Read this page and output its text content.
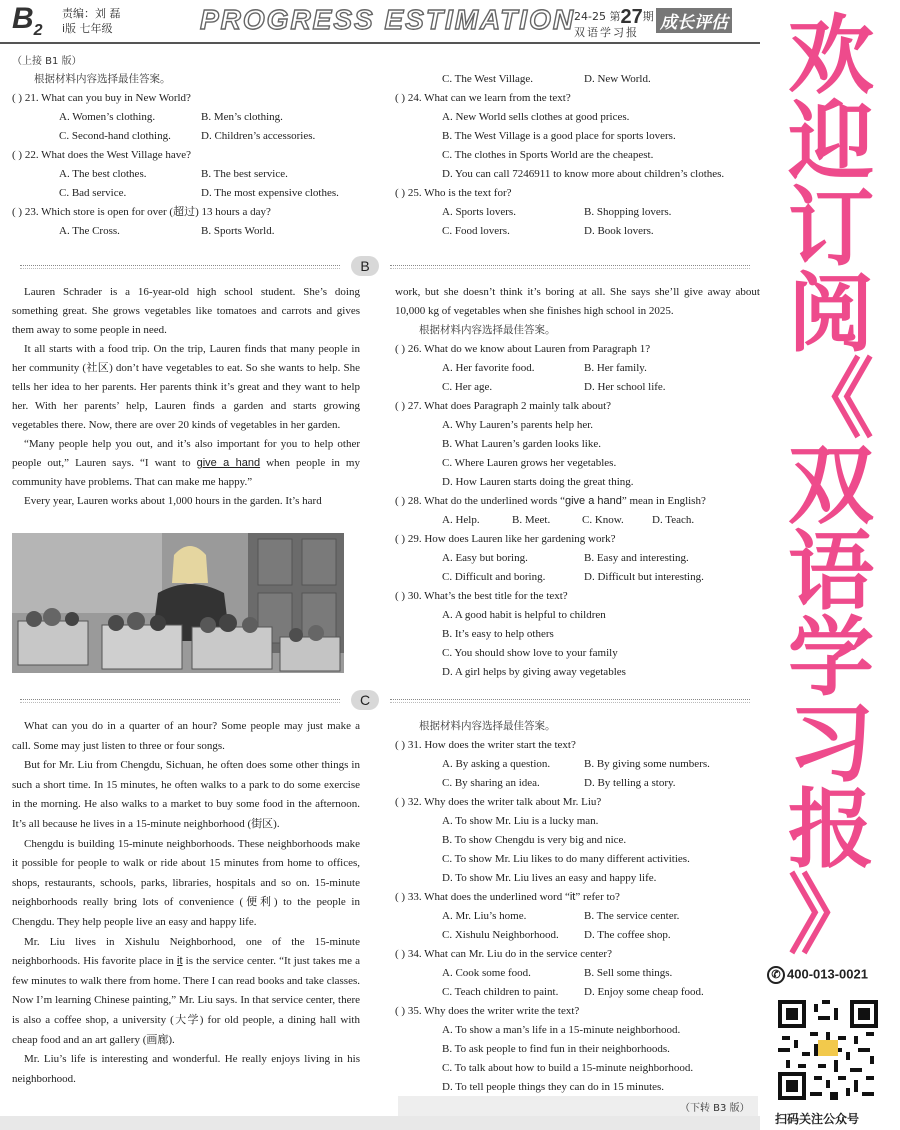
$B_2$
责编：刘 磊
i版 七年级	PROGRESS ESTIMATION
24-25 第27期
双语学习报 成长评估
（上接 B1 版）
根据材料内容选择最佳答案。
( ) 21. What can you buy in New World?
A. Women’s clothing.	B. Men’s clothing.
C. Second-hand clothing.	D. Children’s accessories.
( ) 22. What does the West Village have?
A. The best clothes.	B. The best service.
C. Bad service.	D. The most expensive clothes.
( ) 23. Which store is open for over (超过) 13 hours a day?
A. The Cross.	B. Sports World.
C. The West Village.	D. New World.
( ) 24. What can we learn from the text?
A. New World sells clothes at good prices.
B. The West Village is a good place for sports lovers.
C. The clothes in Sports World are the cheapest.
D. You can call 7246911 to know more about children’s clothes.
( ) 25. Who is the text for?
A. Sports lovers.	B. Shopping lovers.
C. Food lovers.	D. Book lovers.
B

Lauren Schrader is a 16-year-old high school student. She’s doing something great. She grows vegetables like tomatoes and carrots and gives them away to some people in need.

It all starts with a food trip. On the trip, Lauren finds that many people in her community (社区) don’t have vegetables to eat. So she wants to help. She tells her idea to her parents. Her parents think it’s great and they want to help her. With her parents’ help, Lauren finds a garden and starts growing vegetables there. Now, there are over 20 kinds of vegetables in her garden.

“Many people help you out, and it’s also important for you to help other people out,” Lauren says. “I want to give a hand when people in my community have problems. That can make me happy.”

Every year, Lauren works about 1,000 hours in the garden. It’s hard

work, but she doesn’t think it’s boring at all. She says she’ll give away about 10,000 kg of vegetables when she finishes high school in 2025.

根据材料内容选择最佳答案。
( ) 26. What do we know about Lauren from Paragraph 1?
A. Her favorite food.	B. Her family.
C. Her age.	D. Her school life.
( ) 27. What does Paragraph 2 mainly talk about?
A. Why Lauren’s parents help her.
B. What Lauren’s garden looks like.
C. Where Lauren grows her vegetables.
D. How Lauren starts doing the great thing.
( ) 28. What do the underlined words “give a hand” mean in English?
A. Help.	B. Meet.	C. Know.	D. Teach.
( ) 29. How does Lauren like her gardening work?
A. Easy but boring.	B. Easy and interesting.
C. Difficult and boring.	D. Difficult but interesting.
( ) 30. What’s the best title for the text?
A. A good habit is helpful to children
B. It’s easy to help others
C. You should show love to your family
D. A girl helps by giving away vegetables
C

What can you do in a quarter of an hour? Some people may just make a call. Some may just listen to three or four songs.

But for Mr. Liu from Chengdu, Sichuan, he often does some other things in such a short time. In 15 minutes, he often walks to a park to do some exercise in the morning. He also walks to a market to buy some food in the afternoon. It’s all because he lives in a 15-minute neighborhood (街区).

Chengdu is building 15-minute neighborhoods. These neighborhoods make it possible for people to walk or ride about 15 minutes from home to offices, shops, restaurants, schools, parks, libraries, hospitals and so on. 15-minute neighborhoods really bring lots of convenience (便利) to the people in Chengdu. They help people live an easy and happy life.

Mr. Liu lives in Xishulu Neighborhood, one of the 15-minute neighborhoods. His favorite place in it is the service center. “It just takes me a few minutes to walk there from home. There I can read books and take classes. Now I’m learning Chinese painting,” Mr. Liu says. In that service center, there is also a coffee shop, a university (大学) for old people, a dining hall with cheap food and an art gallery (画廊).

Mr. Liu’s life is interesting and wonderful. He really enjoys living in his neighborhood.

根据材料内容选择最佳答案。
( ) 31. How does the writer start the text?
A. By asking a question.	B. By giving some numbers.
C. By sharing an idea.	D. By telling a story.
( ) 32. Why does the writer talk about Mr. Liu?
A. To show Mr. Liu is a lucky man.
B. To show Chengdu is very big and nice.
C. To show Mr. Liu likes to do many different activities.
D. To show Mr. Liu lives an easy and happy life.
( ) 33. What does the underlined word “it” refer to?
A. Mr. Liu’s home.	B. The service center.
C. Xishulu Neighborhood.	D. The coffee shop.
( ) 34. What can Mr. Liu do in the service center?
A. Cook some food.	B. Sell some things.
C. Teach children to paint.	D. Enjoy some cheap food.
( ) 35. Why does the writer write the text?
A. To show a man’s life in a 15-minute neighborhood.
B. To ask people to find fun in their neighborhoods.
C. To talk about how to build a 15-minute neighborhood.
D. To tell people things they can do in 15 minutes.
（下转 B3 版）
欢
迎
订
阅
《
双
语
学
习
报
》
✆ 400-013-0021
扫码关注公众号
